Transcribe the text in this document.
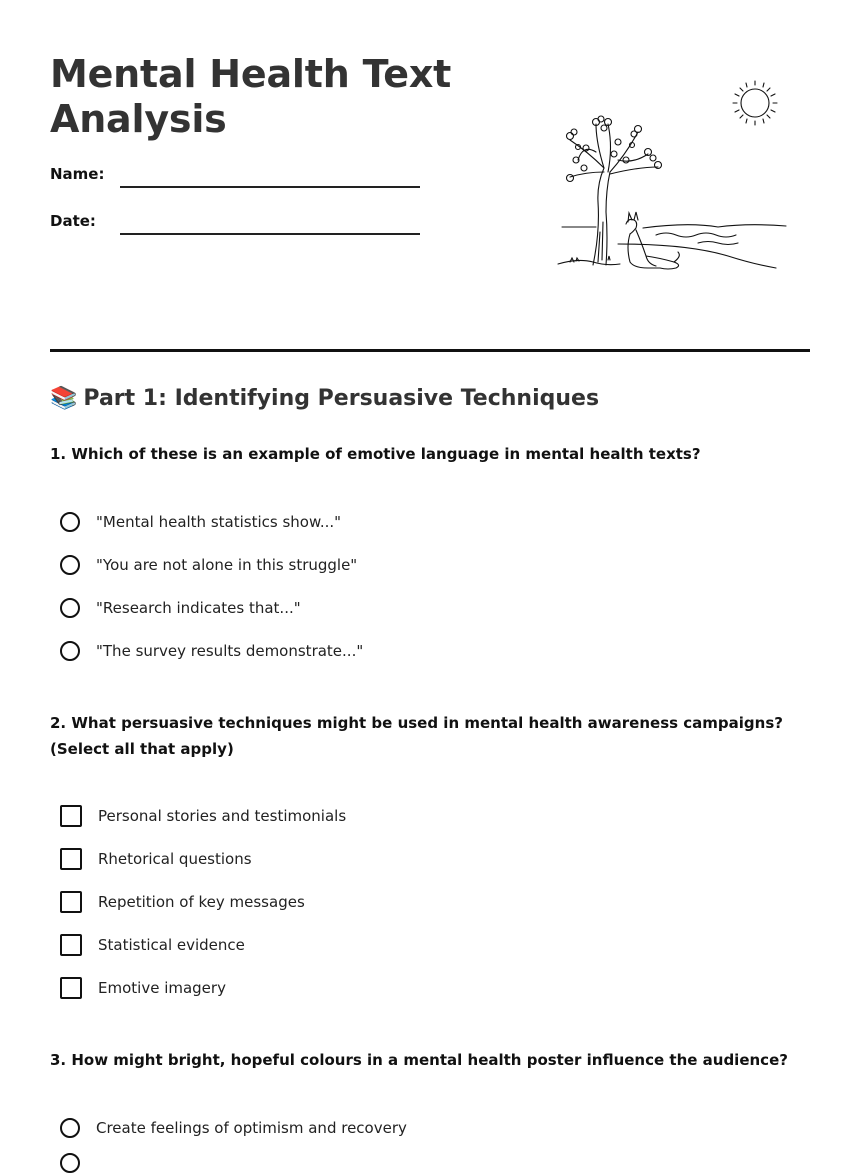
Mental Health Text Analysis
Name:
Date:
📚 Part 1: Identifying Persuasive Techniques

1. Which of these is an example of emotive language in mental health texts?

"Mental health statistics show..."
"You are not alone in this struggle"
"Research indicates that..."
"The survey results demonstrate..."

2. What persuasive techniques might be used in mental health awareness campaigns? (Select all that apply)

Personal stories and testimonials
Rhetorical questions
Repetition of key messages
Statistical evidence
Emotive imagery

3. How might bright, hopeful colours in a mental health poster influence the audience?

Create feelings of optimism and recovery
